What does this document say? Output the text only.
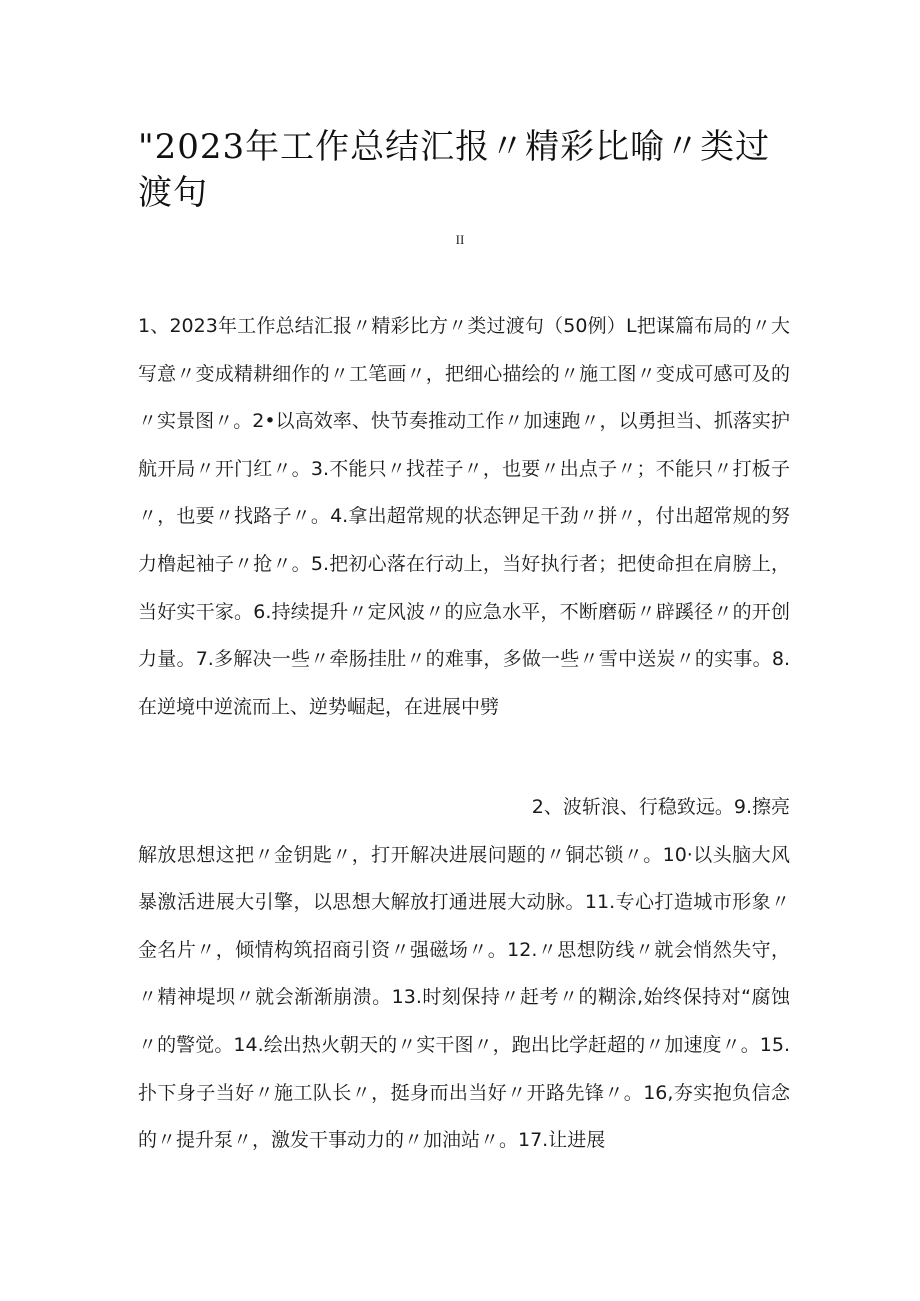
"2023年工作总结汇报〃精彩比喻〃类过渡句
II

1、2023年工作总结汇报〃精彩比方〃类过渡句（50例）L把谋篇布局的〃大写意〃变成精耕细作的〃工笔画〃，把细心描绘的〃施工图〃变成可感可及的〃实景图〃。2•以高效率、快节奏推动工作〃加速跑〃，以勇担当、抓落实护航开局〃开门红〃。3.不能只〃找茬子〃，也要〃出点子〃；不能只〃打板子〃，也要〃找路子〃。4.拿出超常规的状态钾足干劲〃拼〃，付出超常规的努力橹起袖子〃抢〃。5.把初心落在行动上，当好执行者；把使命担在肩膀上，当好实干家。6.持续提升〃定风波〃的应急水平，不断磨砺〃辟蹊径〃的开创力量。7.多解决一些〃牵肠挂肚〃的难事，多做一些〃雪中送炭〃的实事。8.在逆境中逆流而上、逆势崛起，在进展中劈

2、波斩浪、行稳致远。9.擦亮
解放思想这把〃金钥匙〃，打开解决进展问题的〃铜芯锁〃。10·以头脑大风暴激活进展大引擎，以思想大解放打通进展大动脉。11.专心打造城市形象〃金名片〃，倾情构筑招商引资〃强磁场〃。12.〃思想防线〃就会悄然失守，〃精神堤坝〃就会渐渐崩溃。13.时刻保持〃赶考〃的糊涂,始终保持对“腐蚀〃的警觉。14.绘出热火朝天的〃实干图〃，跑出比学赶超的〃加速度〃。15.扑下身子当好〃施工队长〃，挺身而出当好〃开路先锋〃。16,夯实抱负信念的〃提升泵〃，激发干事动力的〃加油站〃。17.让进展
